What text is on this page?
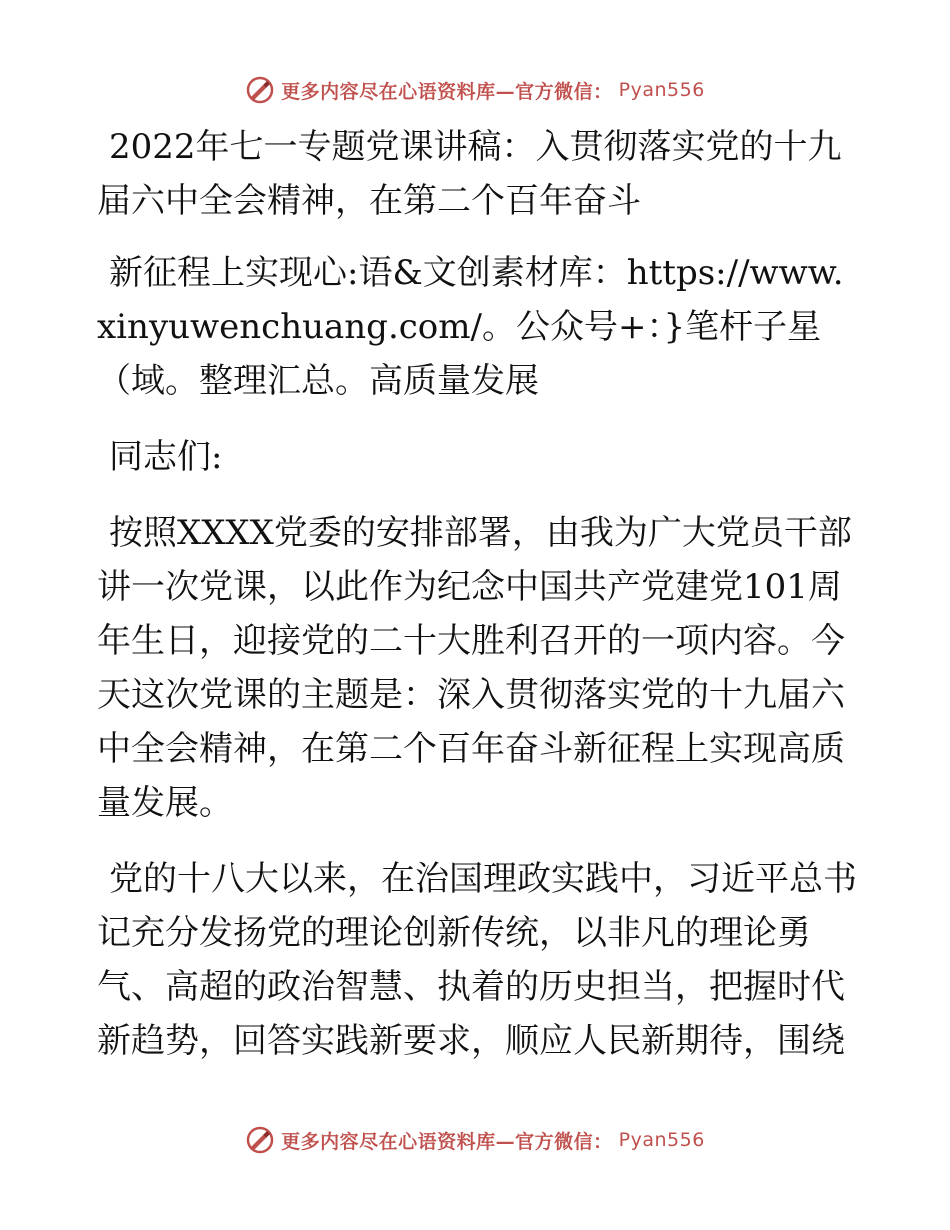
更多内容尽在心语资料库—官方微信： Pyan556

2022年七一专题党课讲稿：入贯彻落实党的十九届六中全会精神，在第二个百年奋斗

新征程上实现心:语&文创素材库：https://www.xinyuwenchuang.com/。公众号+：}笔杆子星（域。整理汇总。高质量发展

同志们:

按照XXXX党委的安排部署，由我为广大党员干部讲一次党课，以此作为纪念中国共产党建党101周年生日，迎接党的二十大胜利召开的一项内容。今天这次党课的主题是：深入贯彻落实党的十九届六中全会精神，在第二个百年奋斗新征程上实现高质量发展。

党的十八大以来，在治国理政实践中，习近平总书记充分发扬党的理论创新传统，以非凡的理论勇气、高超的政治智慧、执着的历史担当，把握时代新趋势，回答实践新要求，顺应人民新期待，围绕

更多内容尽在心语资料库—官方微信： Pyan556
